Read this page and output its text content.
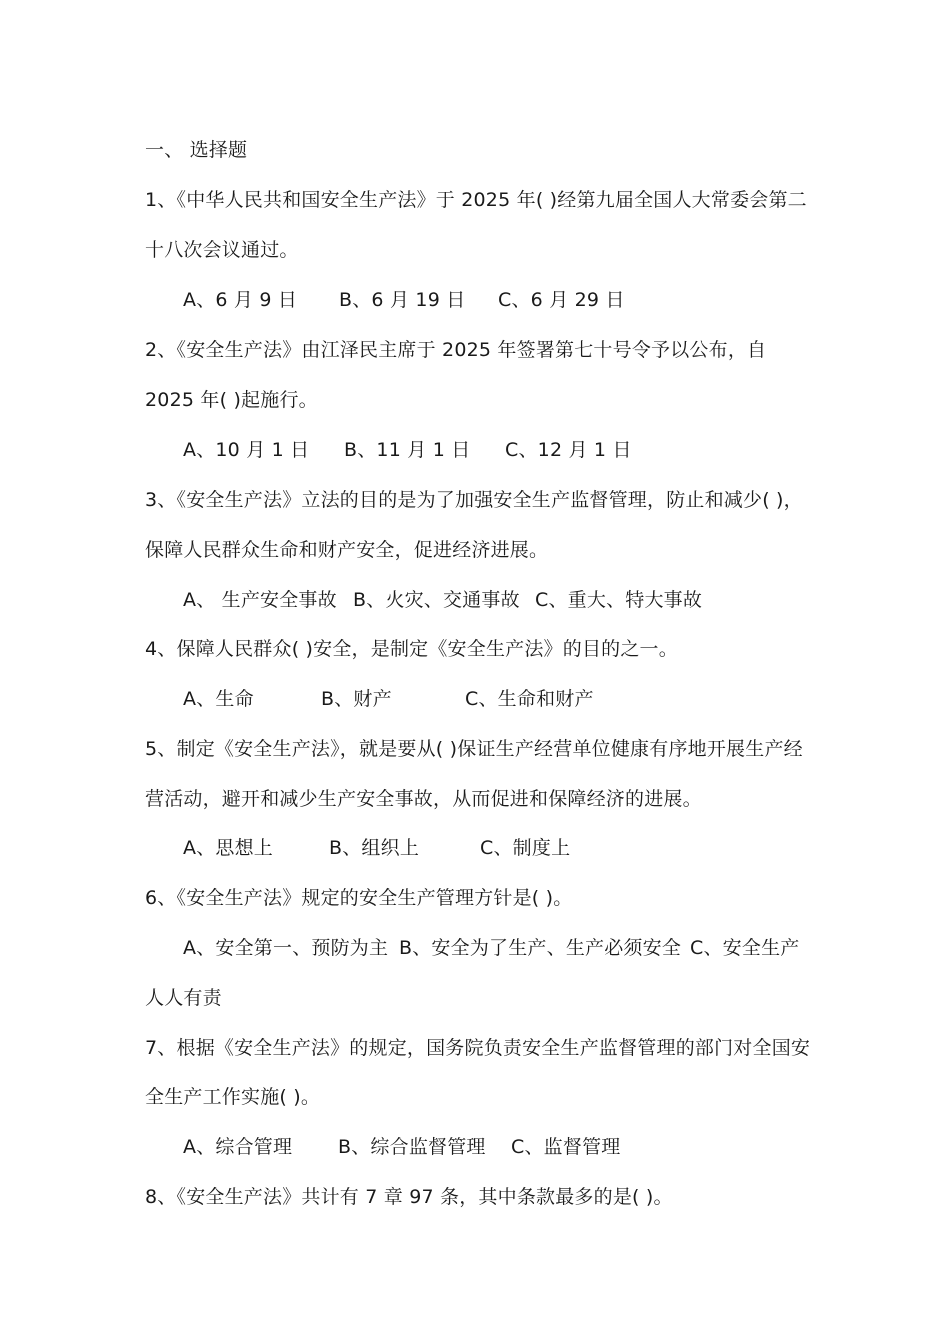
一、 选择题
1、《中华人民共和国安全生产法》于 2025 年( )经第九届全国人大常委会第二
十八次会议通过。
A、6 月 9 日 B、6 月 19 日 C、6 月 29 日
2、《安全生产法》由江泽民主席于 2025 年签署第七十号令予以公布，自
2025 年( )起施行。
A、10 月 1 日 B、11 月 1 日 C、12 月 1 日
3、《安全生产法》立法的目的是为了加强安全生产监督管理，防止和减少( )，
保障人民群众生命和财产安全，促进经济进展。
A、 生产安全事故 B、火灾、交通事故 C、重大、特大事故
4、保障人民群众( )安全，是制定《安全生产法》的目的之一。
A、生命	B、财产	C、生命和财产
5、制定《安全生产法》，就是要从( )保证生产经营单位健康有序地开展生产经
营活动，避开和减少生产安全事故，从而促进和保障经济的进展。
A、思想上	B、组织上	C、制度上
6、《安全生产法》规定的安全生产管理方针是( )。
A、安全第一、预防为主 B、安全为了生产、生产必须安全 C、安全生产
人人有责
7、根据《安全生产法》的规定，国务院负责安全生产监督管理的部门对全国安
全生产工作实施( )。
A、综合管理 B、综合监督管理 C、监督管理
8、《安全生产法》共计有 7 章 97 条，其中条款最多的是( )。
